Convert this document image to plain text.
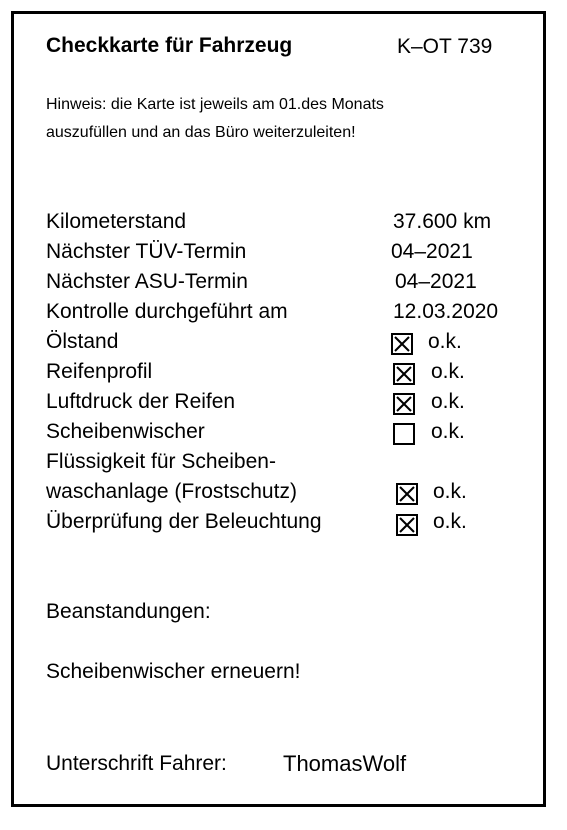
Checkkarte für Fahrzeug	K–OT 739
Hinweis: die Karte ist jeweils am 01.des Monats
auszufüllen und an das Büro weiterzuleiten!
Kilometerstand	37.600 km
Nächster TÜV-Termin	04–2021
Nächster ASU-Termin	04–2021
Kontrolle durchgeführt am	12.03.2020
Ölstand	o.k.
Reifenprofil	o.k.
Luftdruck der Reifen	o.k.
Scheibenwischer	o.k.
Flüssigkeit für Scheiben-
waschanlage (Frostschutz)	o.k.
Überprüfung der Beleuchtung	o.k.
Beanstandungen:
Scheibenwischer erneuern!
Unterschrift Fahrer:	ThomasWolf
